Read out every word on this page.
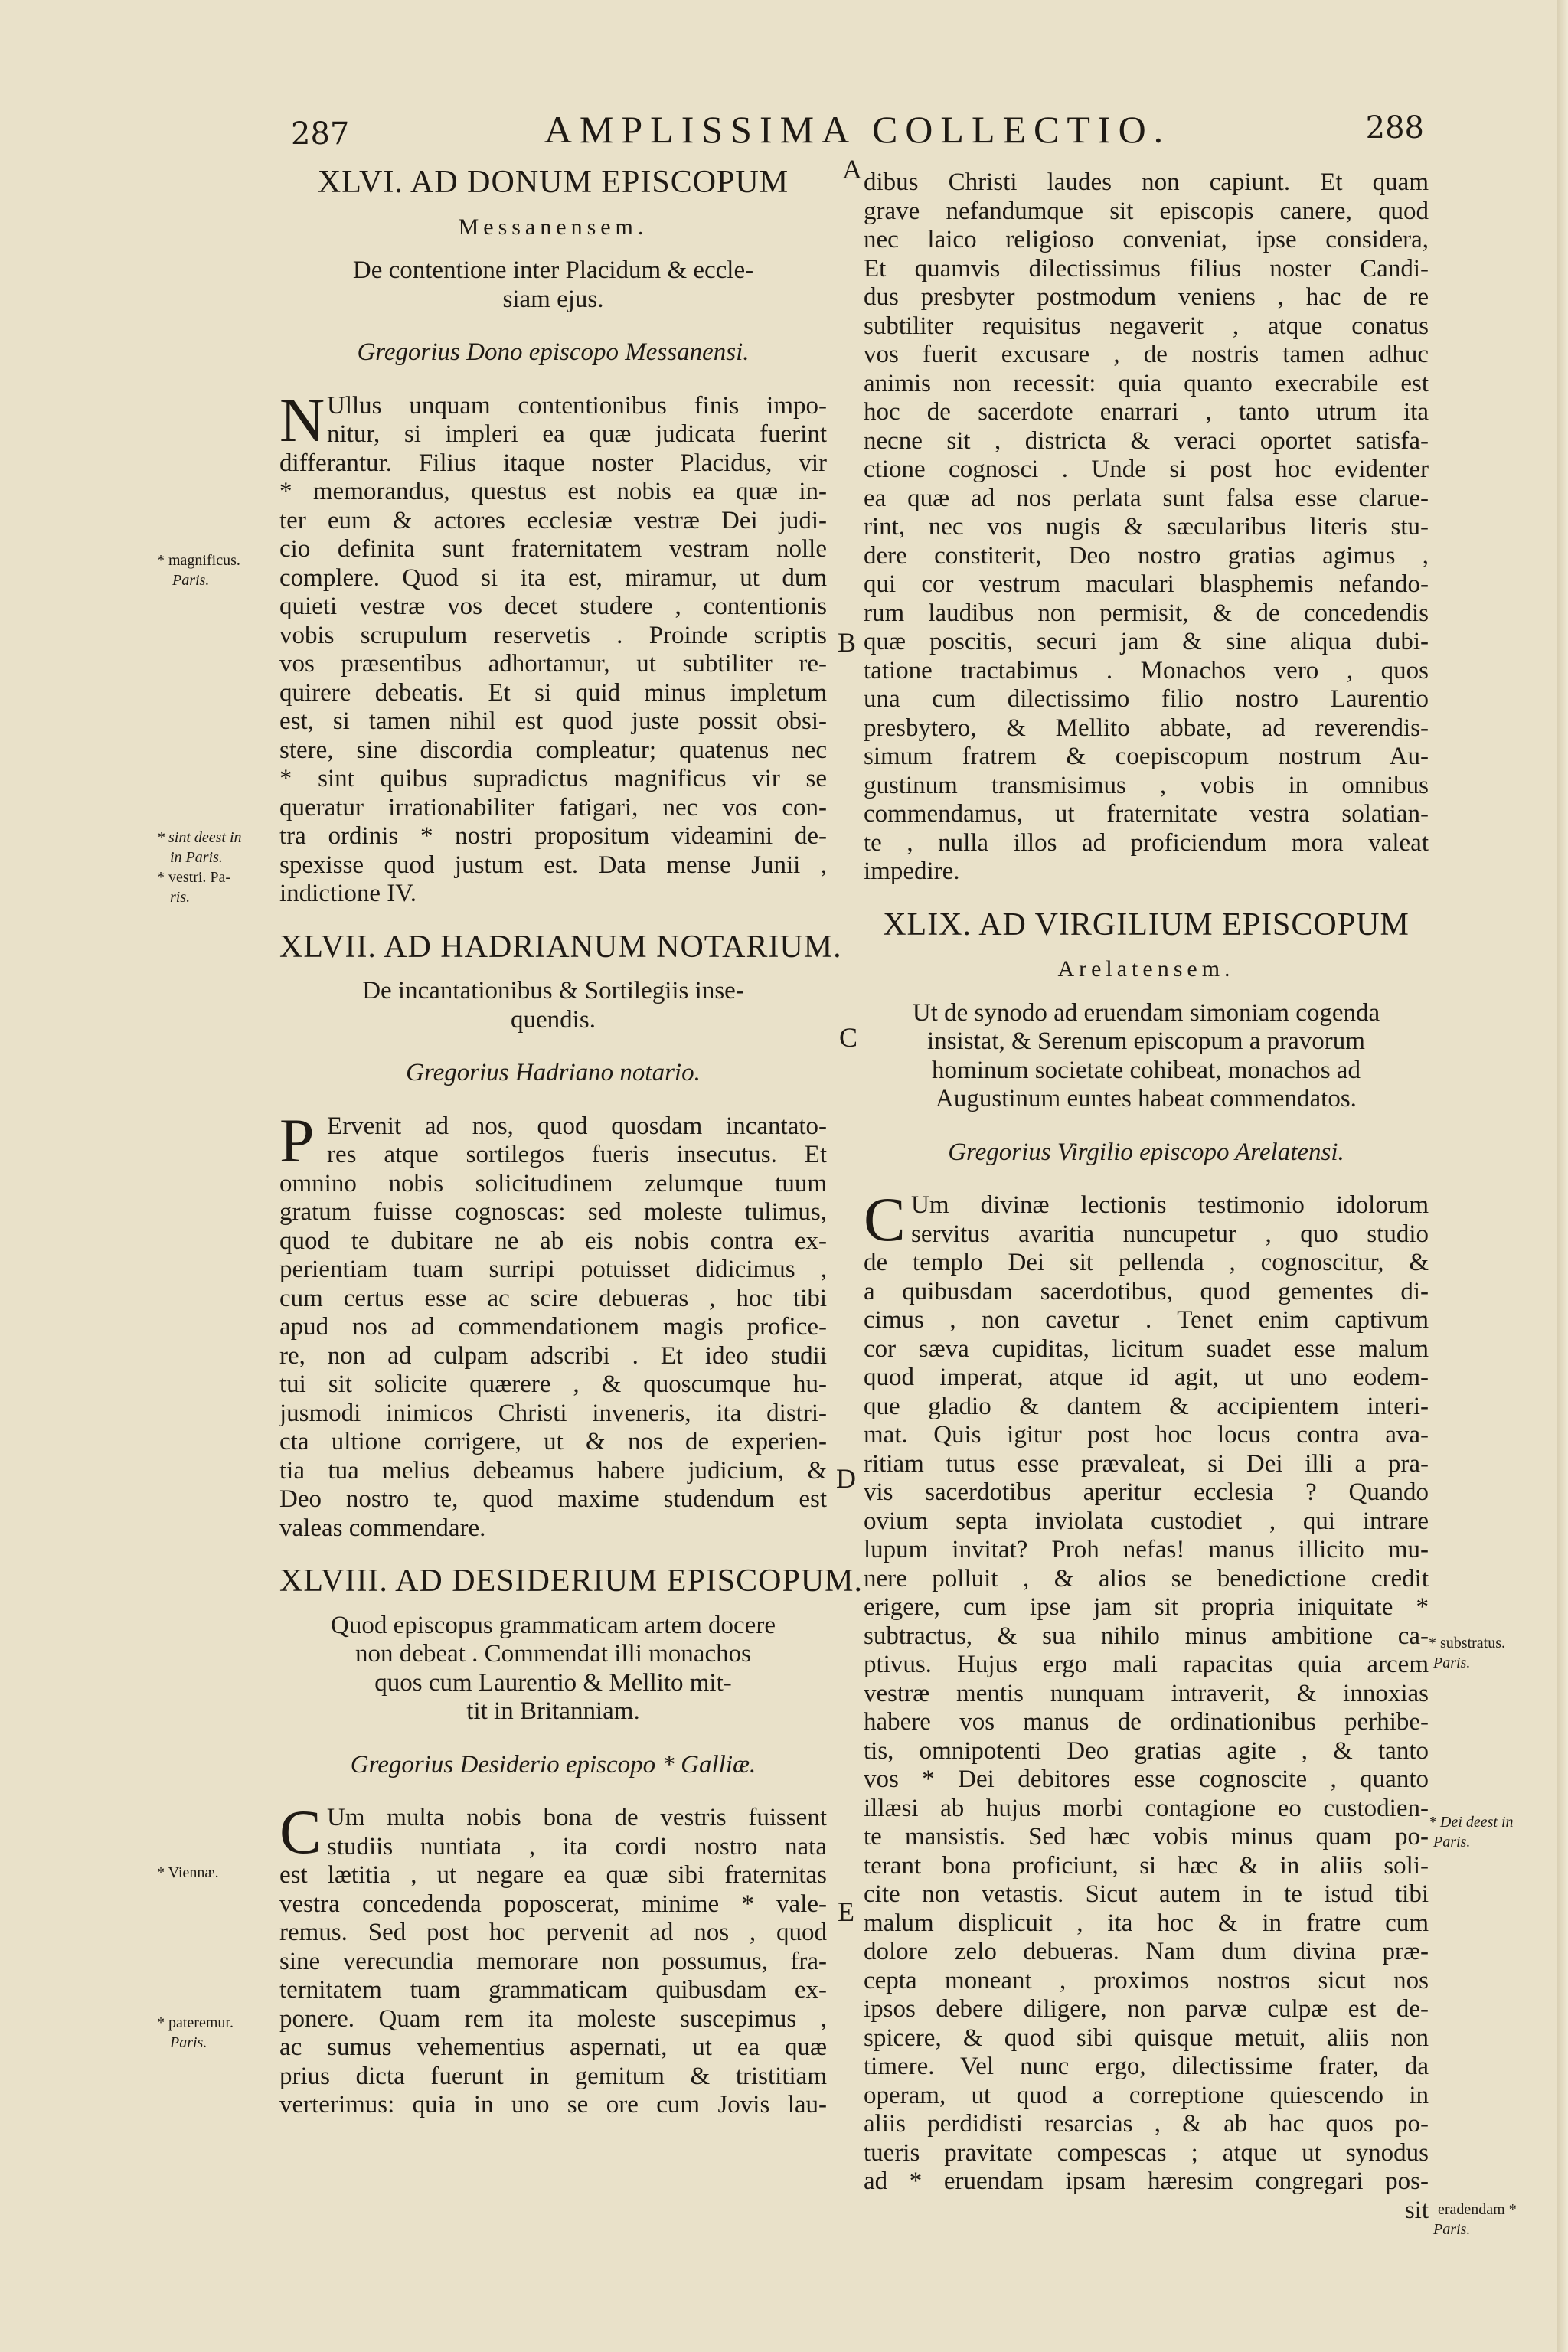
287	AMPLISSIMA COLLECTIO.	288
XLVI. AD DONUM EPISCOPUM
Messanensem.
De contentione inter Placidum & eccle-
siam ejus.
Gregorius Dono episcopo Messanensi.
N Ullus unquam contentionibus finis impo-
nitur, si impleri ea quæ judicata fuerint
differantur. Filius itaque noster Placidus, vir
* memorandus, questus est nobis ea quæ in-
ter eum & actores ecclesiæ vestræ Dei judi-
cio definita sunt fraternitatem vestram nolle
complere. Quod si ita est, miramur, ut dum
quieti vestræ vos decet studere , contentionis
vobis scrupulum reservetis . Proinde scriptis
vos præsentibus adhortamur, ut subtiliter re-
quirere debeatis. Et si quid minus impletum
est, si tamen nihil est quod juste possit obsi-
stere, sine discordia compleatur; quatenus nec
* sint quibus supradictus magnificus vir se
queratur irrationabiliter fatigari, nec vos con-
tra ordinis * nostri propositum videamini de-
spexisse quod justum est. Data mense Junii ,
indictione IV.
XLVII. AD HADRIANUM NOTARIUM.
De incantationibus & Sortilegiis inse-
quendis.
Gregorius Hadriano notario.
P Ervenit ad nos, quod quosdam incantato-
res atque sortilegos fueris insecutus. Et
omnino nobis solicitudinem zelumque tuum
gratum fuisse cognoscas: sed moleste tulimus,
quod te dubitare ne ab eis nobis contra ex-
perientiam tuam surripi potuisset didicimus ,
cum certus esse ac scire debueras , hoc tibi
apud nos ad commendationem magis profice-
re, non ad culpam adscribi . Et ideo studii
tui sit solicite quærere , & quoscumque hu-
jusmodi inimicos Christi inveneris, ita distri-
cta ultione corrigere, ut & nos de experien-
tia tua melius debeamus habere judicium, &
Deo nostro te, quod maxime studendum est
valeas commendare.
XLVIII. AD DESIDERIUM EPISCOPUM.
Quod episcopus grammaticam artem docere
non debeat . Commendat illi monachos
quos cum Laurentio & Mellito mit-
tit in Britanniam.
Gregorius Desiderio episcopo * Galliæ.
C Um multa nobis bona de vestris fuissent
studiis nuntiata , ita cordi nostro nata
est lætitia , ut negare ea quæ sibi fraternitas
vestra concedenda poposcerat, minime * vale-
remus. Sed post hoc pervenit ad nos , quod
sine verecundia memorare non possumus, fra-
ternitatem tuam grammaticam quibusdam ex-
ponere. Quam rem ita moleste suscepimus ,
ac sumus vehementius aspernati, ut ea quæ
prius dicta fuerunt in gemitum & tristitiam
verterimus: quia in uno se ore cum Jovis lau-
dibus Christi laudes non capiunt. Et quam
grave nefandumque sit episcopis canere, quod
nec laico religioso conveniat, ipse considera,
Et quamvis dilectissimus filius noster Candi-
dus presbyter postmodum veniens , hac de re
subtiliter requisitus negaverit , atque conatus
vos fuerit excusare , de nostris tamen adhuc
animis non recessit: quia quanto execrabile est
hoc de sacerdote enarrari , tanto utrum ita
necne sit , districta & veraci oportet satisfa-
ctione cognosci . Unde si post hoc evidenter
ea quæ ad nos perlata sunt falsa esse clarue-
rint, nec vos nugis & sæcularibus literis stu-
dere constiterit, Deo nostro gratias agimus ,
qui cor vestrum maculari blasphemis nefando-
rum laudibus non permisit, & de concedendis
quæ poscitis, securi jam & sine aliqua dubi-
tatione tractabimus . Monachos vero , quos
una cum dilectissimo filio nostro Laurentio
presbytero, & Mellito abbate, ad reverendis-
simum fratrem & coepiscopum nostrum Au-
gustinum transmisimus , vobis in omnibus
commendamus, ut fraternitate vestra solatian-
te , nulla illos ad proficiendum mora valeat
impedire.
XLIX. AD VIRGILIUM EPISCOPUM
Arelatensem.
Ut de synodo ad eruendam simoniam cogenda
insistat, & Serenum episcopum a pravorum
hominum societate cohibeat, monachos ad
Augustinum euntes habeat commendatos.
Gregorius Virgilio episcopo Arelatensi.
C Um divinæ lectionis testimonio idolorum
servitus avaritia nuncupetur , quo studio
de templo Dei sit pellenda , cognoscitur, &
a quibusdam sacerdotibus, quod gementes di-
cimus , non cavetur . Tenet enim captivum
cor sæva cupiditas, licitum suadet esse malum
quod imperat, atque id agit, ut uno eodem-
que gladio & dantem & accipientem interi-
mat. Quis igitur post hoc locus contra ava-
ritiam tutus esse prævaleat, si Dei illi a pra-
vis sacerdotibus aperitur ecclesia ? Quando
ovium septa inviolata custodiet , qui intrare
lupum invitat? Proh nefas! manus illicito mu-
nere polluit , & alios se benedictione credit
erigere, cum ipse jam sit propria iniquitate *
subtractus, & sua nihilo minus ambitione ca-
ptivus. Hujus ergo mali rapacitas quia arcem
vestræ mentis nunquam intraverit, & innoxias
habere vos manus de ordinationibus perhibe-
tis, omnipotenti Deo gratias agite , & tanto
vos * Dei debitores esse cognoscite , quanto
illæsi ab hujus morbi contagione eo custodien-
te mansistis. Sed hæc vobis minus quam po-
terant bona proficiunt, si hæc & in aliis soli-
cite non vetastis. Sicut autem in te istud tibi
malum displicuit , ita hoc & in fratre cum
dolore zelo debueras. Nam dum divina præ-
cepta moneant , proximos nostros sicut nos
ipsos debere diligere, non parvæ culpæ est de-
spicere, & quod sibi quisque metuit, aliis non
timere. Vel nunc ergo, dilectissime frater, da
operam, ut quod a correptione quiescendo in
aliis perdidisti resarcias , & ab hac quos po-
tueris pravitate compescas ; atque ut synodus
ad * eruendam ipsam hæresim congregari pos-
sit
A
B
C
D
E
* magnificus.
Paris.
* sint deest in
in Paris.
* vestri. Pa-
ris.
* Viennæ.
* pateremur.
Paris.
* substratus.
Paris.
* Dei deest in
Paris.
eradendam *
Paris.
